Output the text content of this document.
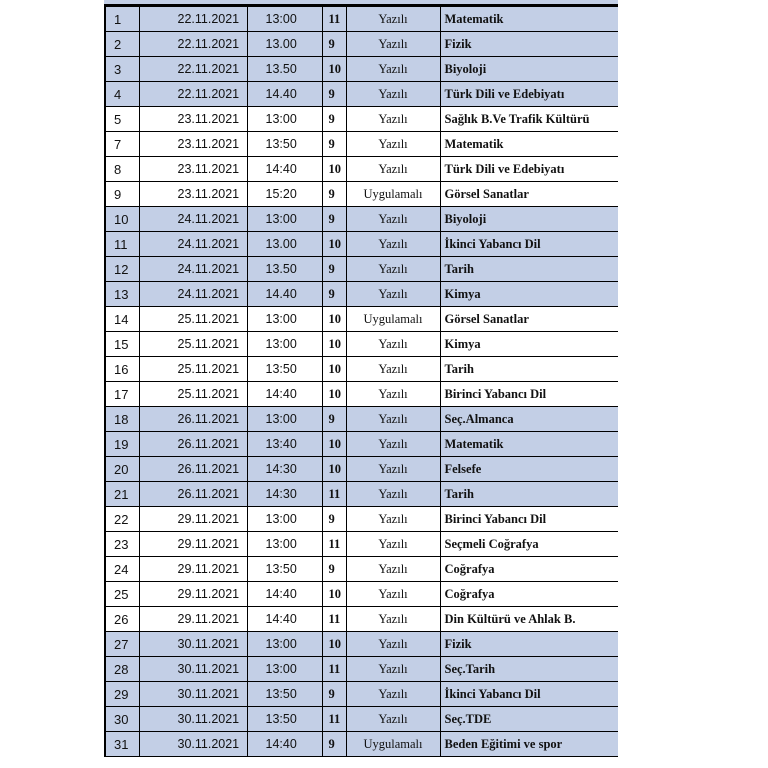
1	22.11.2021	13:00	11	Yazılı	Matematik
2	22.11.2021	13.00	9	Yazılı	Fizik
3	22.11.2021	13.50	10	Yazılı	Biyoloji
4	22.11.2021	14.40	9	Yazılı	Türk Dili ve Edebiyatı
5	23.11.2021	13:00	9	Yazılı	Sağlık B.Ve Trafik Kültürü
7	23.11.2021	13:50	9	Yazılı	Matematik
8	23.11.2021	14:40	10	Yazılı	Türk Dili ve Edebiyatı
9	23.11.2021	15:20	9	Uygulamalı	Görsel Sanatlar
10	24.11.2021	13:00	9	Yazılı	Biyoloji
11	24.11.2021	13.00	10	Yazılı	İkinci Yabancı Dil
12	24.11.2021	13.50	9	Yazılı	Tarih
13	24.11.2021	14.40	9	Yazılı	Kimya
14	25.11.2021	13:00	10	Uygulamalı	Görsel Sanatlar
15	25.11.2021	13:00	10	Yazılı	Kimya
16	25.11.2021	13:50	10	Yazılı	Tarih
17	25.11.2021	14:40	10	Yazılı	Birinci Yabancı Dil
18	26.11.2021	13:00	9	Yazılı	Seç.Almanca
19	26.11.2021	13:40	10	Yazılı	Matematik
20	26.11.2021	14:30	10	Yazılı	Felsefe
21	26.11.2021	14:30	11	Yazılı	Tarih
22	29.11.2021	13:00	9	Yazılı	Birinci Yabancı Dil
23	29.11.2021	13:00	11	Yazılı	Seçmeli Coğrafya
24	29.11.2021	13:50	9	Yazılı	Coğrafya
25	29.11.2021	14:40	10	Yazılı	Coğrafya
26	29.11.2021	14:40	11	Yazılı	Din Kültürü ve Ahlak B.
27	30.11.2021	13:00	10	Yazılı	Fizik
28	30.11.2021	13:00	11	Yazılı	Seç.Tarih
29	30.11.2021	13:50	9	Yazılı	İkinci Yabancı Dil
30	30.11.2021	13:50	11	Yazılı	Seç.TDE
31	30.11.2021	14:40	9	Uygulamalı	Beden Eğitimi ve spor
